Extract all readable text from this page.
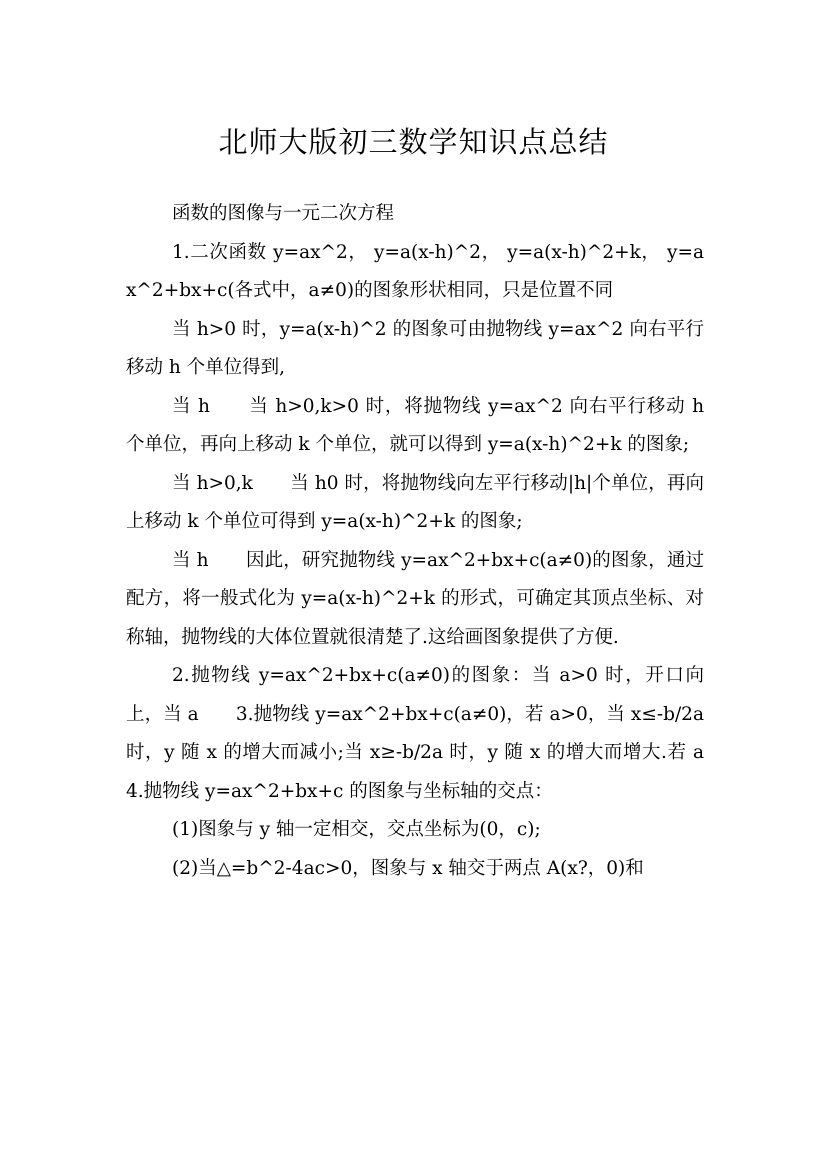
北师大版初三数学知识点总结

函数的图像与一元二次方程

1.二次函数 y=ax^2， y=a(x-h)^2， y=a(x-h)^2+k， y=ax^2+bx+c(各式中，a≠0)的图象形状相同，只是位置不同

当 h>0 时，y=a(x-h)^2 的图象可由抛物线 y=ax^2 向右平行移动 h 个单位得到,

当 h　　当 h>0,k>0 时，将抛物线 y=ax^2 向右平行移动 h 个单位，再向上移动 k 个单位，就可以得到 y=a(x-h)^2+k 的图象;

当 h>0,k　　当 h0 时，将抛物线向左平行移动|h|个单位，再向上移动 k 个单位可得到 y=a(x-h)^2+k 的图象;

当 h　　因此，研究抛物线 y=ax^2+bx+c(a≠0)的图象，通过配方，将一般式化为 y=a(x-h)^2+k 的形式，可确定其顶点坐标、对称轴，抛物线的大体位置就很清楚了.这给画图象提供了方便.

2.抛物线 y=ax^2+bx+c(a≠0)的图象：当 a>0 时，开口向上，当 a　　3.抛物线 y=ax^2+bx+c(a≠0)，若 a>0，当 x≤-b/2a 时，y 随 x 的增大而减小;当 x≥-b/2a 时，y 随 x 的增大而增大.若 a　　4.抛物线 y=ax^2+bx+c 的图象与坐标轴的交点：

(1)图象与 y 轴一定相交，交点坐标为(0，c);

(2)当△=b^2-4ac>0，图象与 x 轴交于两点 A(x?，0)和
